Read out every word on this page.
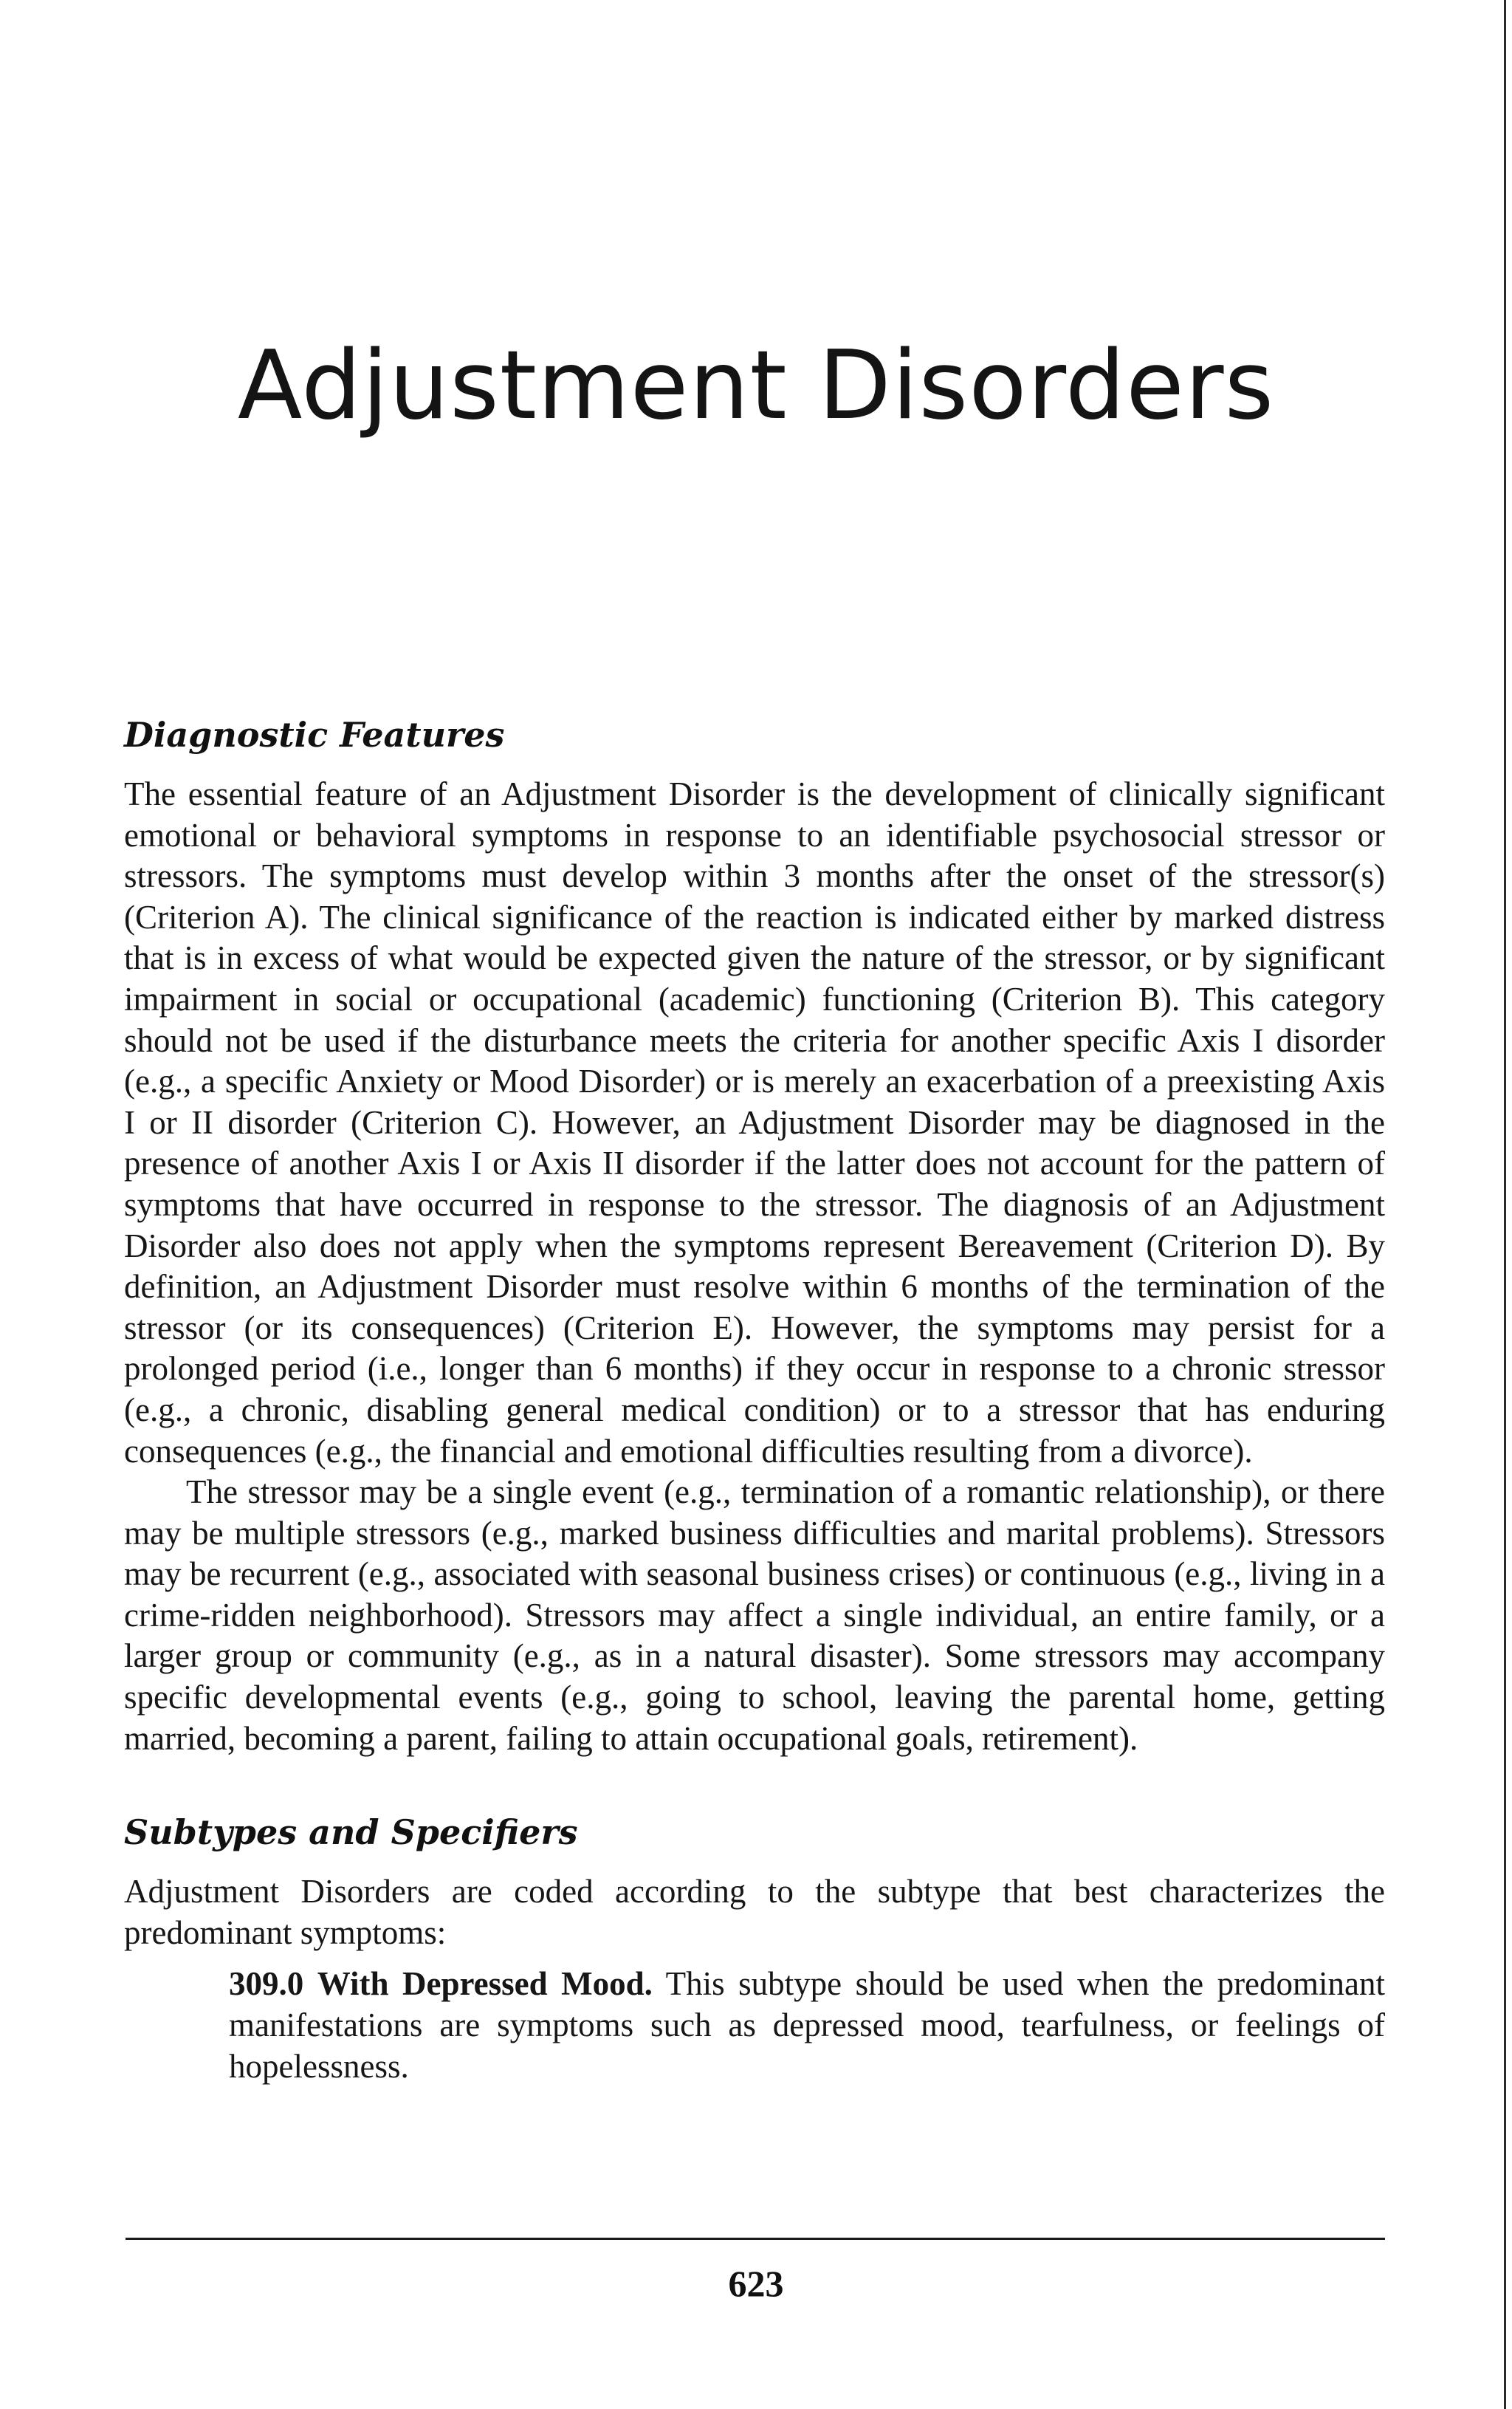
Adjustment Disorders
Diagnostic Features

The essential feature of an Adjustment Disorder is the development of clinically significant emotional or behavioral symptoms in response to an identifiable psychosocial stressor or stressors. The symptoms must develop within 3 months after the onset of the stressor(s) (Criterion A). The clinical significance of the reaction is indicated either by marked distress that is in excess of what would be expected given the nature of the stressor, or by significant impairment in social or occupational (academic) functioning (Criterion B). This category should not be used if the disturbance meets the criteria for another specific Axis I disorder (e.g., a specific Anxiety or Mood Disorder) or is merely an exacerbation of a preexisting Axis I or II disorder (Criterion C). However, an Adjustment Disorder may be diagnosed in the presence of another Axis I or Axis II disorder if the latter does not account for the pattern of symptoms that have occurred in response to the stressor. The diagnosis of an Adjustment Disorder also does not apply when the symptoms represent Bereavement (Criterion D). By definition, an Adjustment Disorder must resolve within 6 months of the termination of the stressor (or its consequences) (Criterion E). However, the symptoms may persist for a prolonged period (i.e., longer than 6 months) if they occur in response to a chronic stressor (e.g., a chronic, disabling general medical condition) or to a stressor that has enduring consequences (e.g., the financial and emotional difficulties resulting from a divorce).

The stressor may be a single event (e.g., termination of a romantic relationship), or there may be multiple stressors (e.g., marked business difficulties and marital problems). Stressors may be recurrent (e.g., associated with seasonal business crises) or continuous (e.g., living in a crime-ridden neighborhood). Stressors may affect a single individual, an entire family, or a larger group or community (e.g., as in a natural disaster). Some stressors may accompany specific developmental events (e.g., going to school, leaving the parental home, getting married, becoming a parent, failing to attain occupational goals, retirement).

Subtypes and Specifiers

Adjustment Disorders are coded according to the subtype that best characterizes the predominant symptoms:

309.0 With Depressed Mood. This subtype should be used when the predominant manifestations are symptoms such as depressed mood, tearfulness, or feelings of hopelessness.

623
